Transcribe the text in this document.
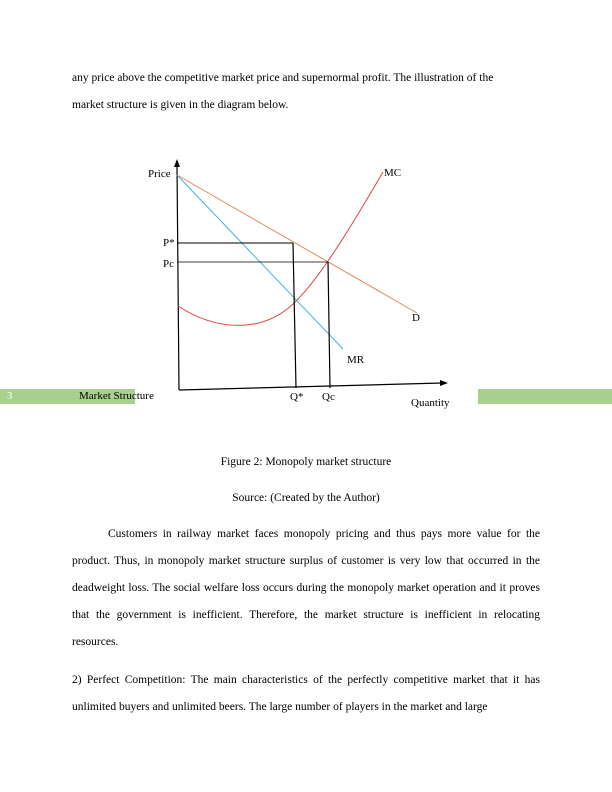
any price above the competitive market price and supernormal profit. The illustration of the
market structure is given in the diagram below.

3	Market Structure
Price
Quantity
P*
Pc
Q* Qc
MC
D
MR
Figure 2: Monopoly market structure
Source: (Created by the Author)

Customers in railway market faces monopoly pricing and thus pays more value for the product. Thus, in monopoly market structure surplus of customer is very low that occurred in the deadweight loss. The social welfare loss occurs during the monopoly market operation and it proves that the government is inefficient. Therefore, the market structure is inefficient in relocating resources.

2) Perfect Competition: The main characteristics of the perfectly competitive market that it has unlimited buyers and unlimited beers. The large number of players in the market and large
